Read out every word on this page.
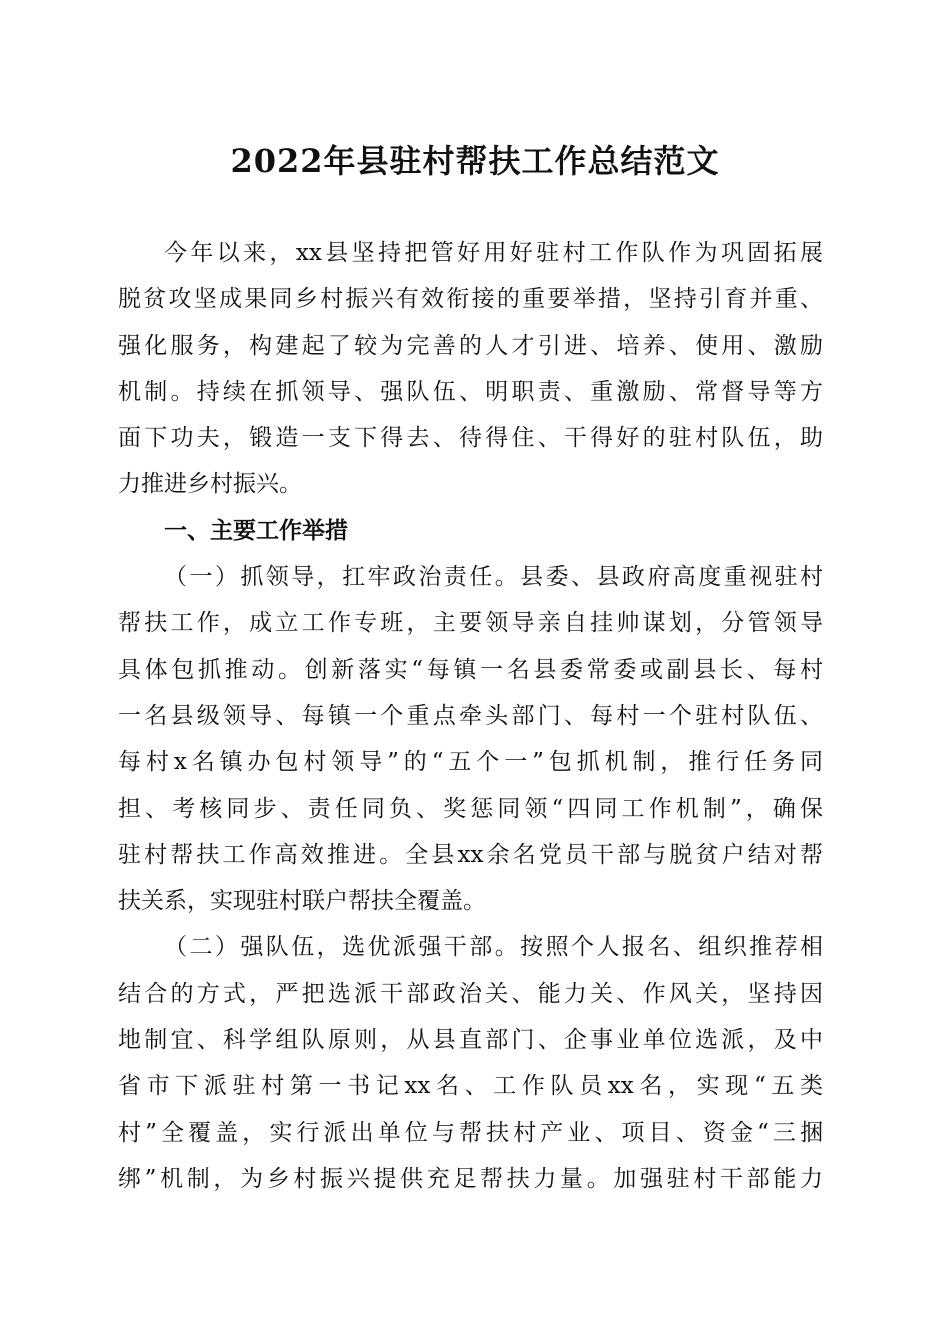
2022年县驻村帮扶工作总结范文
今年以来，xx县坚持把管好用好驻村工作队作为巩固拓展
脱贫攻坚成果同乡村振兴有效衔接的重要举措，坚持引育并重、
强化服务，构建起了较为完善的人才引进、培养、使用、激励
机制。持续在抓领导、强队伍、明职责、重激励、常督导等方
面下功夫，锻造一支下得去、待得住、干得好的驻村队伍，助
力推进乡村振兴。
一、主要工作举措
（一）抓领导，扛牢政治责任。县委、县政府高度重视驻村
帮扶工作，成立工作专班，主要领导亲自挂帅谋划，分管领导
具体包抓推动。创新落实“每镇一名县委常委或副县长、每村
一名县级领导、每镇一个重点牵头部门、每村一个驻村队伍、
每村x名镇办包村领导”的“五个一”包抓机制，推行任务同
担、考核同步、责任同负、奖惩同领“四同工作机制”，确保
驻村帮扶工作高效推进。全县xx余名党员干部与脱贫户结对帮
扶关系，实现驻村联户帮扶全覆盖。
（二）强队伍，选优派强干部。按照个人报名、组织推荐相
结合的方式，严把选派干部政治关、能力关、作风关，坚持因
地制宜、科学组队原则，从县直部门、企事业单位选派，及中
省市下派驻村第一书记xx名、工作队员xx名，实现“五类
村”全覆盖，实行派出单位与帮扶村产业、项目、资金“三捆
绑”机制，为乡村振兴提供充足帮扶力量。加强驻村干部能力
